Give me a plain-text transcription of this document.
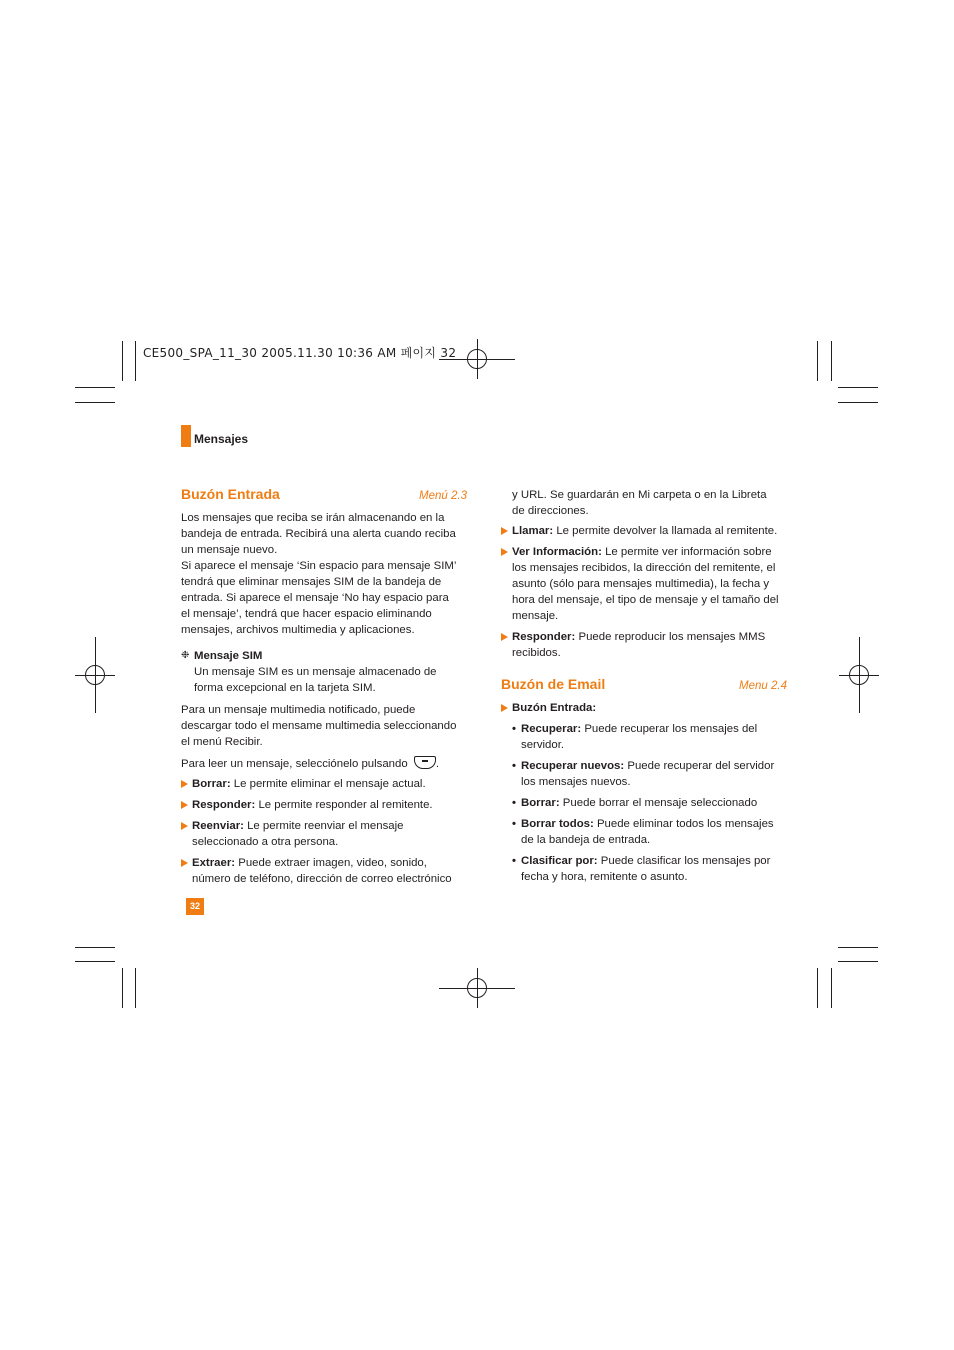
CE500_SPA_11_30 2005.11.30 10:36 AM 페이지 32
Mensajes
Buzón Entrada	Menú 2.3

Los mensajes que reciba se irán almacenando en la
bandeja de entrada. Recibirá una alerta cuando reciba
un mensaje nuevo.
Si aparece el mensaje ‘Sin espacio para mensaje SIM’
tendrá que eliminar mensajes SIM de la bandeja de
entrada. Si aparece el mensaje ‘No hay espacio para
el mensaje’, tendrá que hacer espacio eliminando
mensajes, archivos multimedia y aplicaciones.

❉ Mensaje SIM

Un mensaje SIM es un mensaje almacenado de
forma excepcional en la tarjeta SIM.

Para un mensaje multimedia notificado, puede
descargar todo el mensame multimedia seleccionando
el menú Recibir.

Para leer un mensaje, selecciónelo pulsando .

Borrar: Le permite eliminar el mensaje actual.
Responder: Le permite responder al remitente.
Reenviar: Le permite reenviar el mensaje
seleccionado a otra persona.
Extraer: Puede extraer imagen, video, sonido,
número de teléfono, dirección de correo electrónico

y URL. Se guardarán en Mi carpeta o en la Libreta
de direcciones.

Llamar: Le permite devolver la llamada al remitente.
Ver Información: Le permite ver información sobre
los mensajes recibidos, la dirección del remitente, el
asunto (sólo para mensajes multimedia), la fecha y
hora del mensaje, el tipo de mensaje y el tamaño del
mensaje.
Responder: Puede reproducir los mensajes MMS
recibidos.
Buzón de Email	Menu 2.4
Buzón Entrada:
• Recuperar: Puede recuperar los mensajes del
servidor.
• Recuperar nuevos: Puede recuperar del servidor
los mensajes nuevos.
• Borrar: Puede borrar el mensaje seleccionado
• Borrar todos: Puede eliminar todos los mensajes
de la bandeja de entrada.
• Clasificar por: Puede clasificar los mensajes por
fecha y hora, remitente o asunto.
32
